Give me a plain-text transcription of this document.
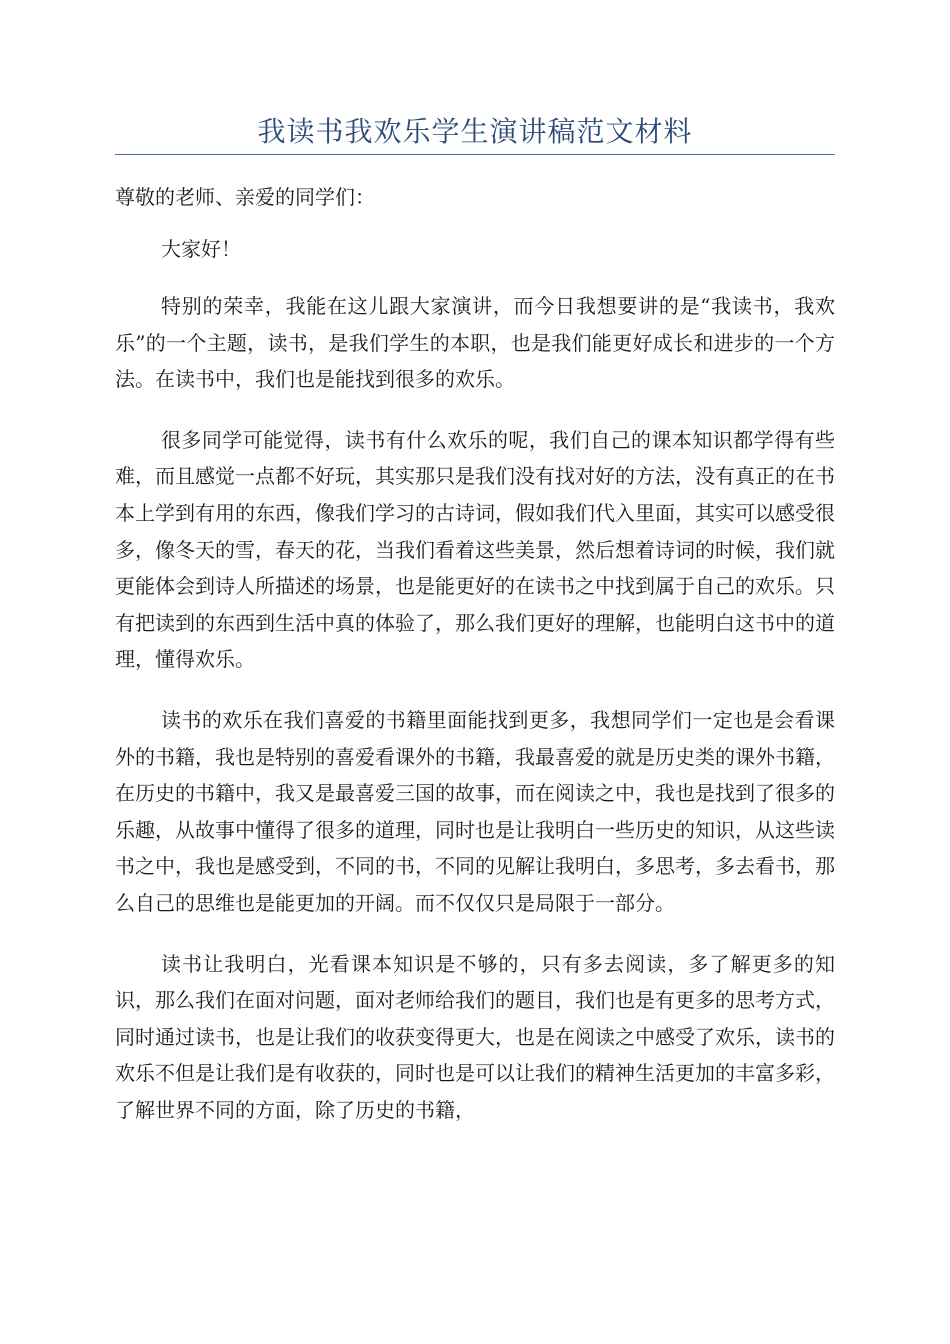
我读书我欢乐学生演讲稿范文材料

尊敬的老师、亲爱的同学们：

大家好！

特别的荣幸，我能在这儿跟大家演讲，而今日我想要讲的是“我读书，我欢乐”的一个主题，读书，是我们学生的本职，也是我们能更好成长和进步的一个方法。在读书中，我们也是能找到很多的欢乐。

很多同学可能觉得，读书有什么欢乐的呢，我们自己的课本知识都学得有些难，而且感觉一点都不好玩，其实那只是我们没有找对好的方法，没有真正的在书本上学到有用的东西，像我们学习的古诗词，假如我们代入里面，其实可以感受很多，像冬天的雪，春天的花，当我们看着这些美景，然后想着诗词的时候，我们就更能体会到诗人所描述的场景，也是能更好的在读书之中找到属于自己的欢乐。只有把读到的东西到生活中真的体验了，那么我们更好的理解，也能明白这书中的道理，懂得欢乐。

读书的欢乐在我们喜爱的书籍里面能找到更多，我想同学们一定也是会看课外的书籍，我也是特别的喜爱看课外的书籍，我最喜爱的就是历史类的课外书籍，在历史的书籍中，我又是最喜爱三国的故事，而在阅读之中，我也是找到了很多的乐趣，从故事中懂得了很多的道理，同时也是让我明白一些历史的知识，从这些读书之中，我也是感受到，不同的书，不同的见解让我明白，多思考，多去看书，那么自己的思维也是能更加的开阔。而不仅仅只是局限于一部分。

读书让我明白，光看课本知识是不够的，只有多去阅读，多了解更多的知识，那么我们在面对问题，面对老师给我们的题目，我们也是有更多的思考方式，同时通过读书，也是让我们的收获变得更大，也是在阅读之中感受了欢乐，读书的欢乐不但是让我们是有收获的，同时也是可以让我们的精神生活更加的丰富多彩，了解世界不同的方面，除了历史的书籍，
